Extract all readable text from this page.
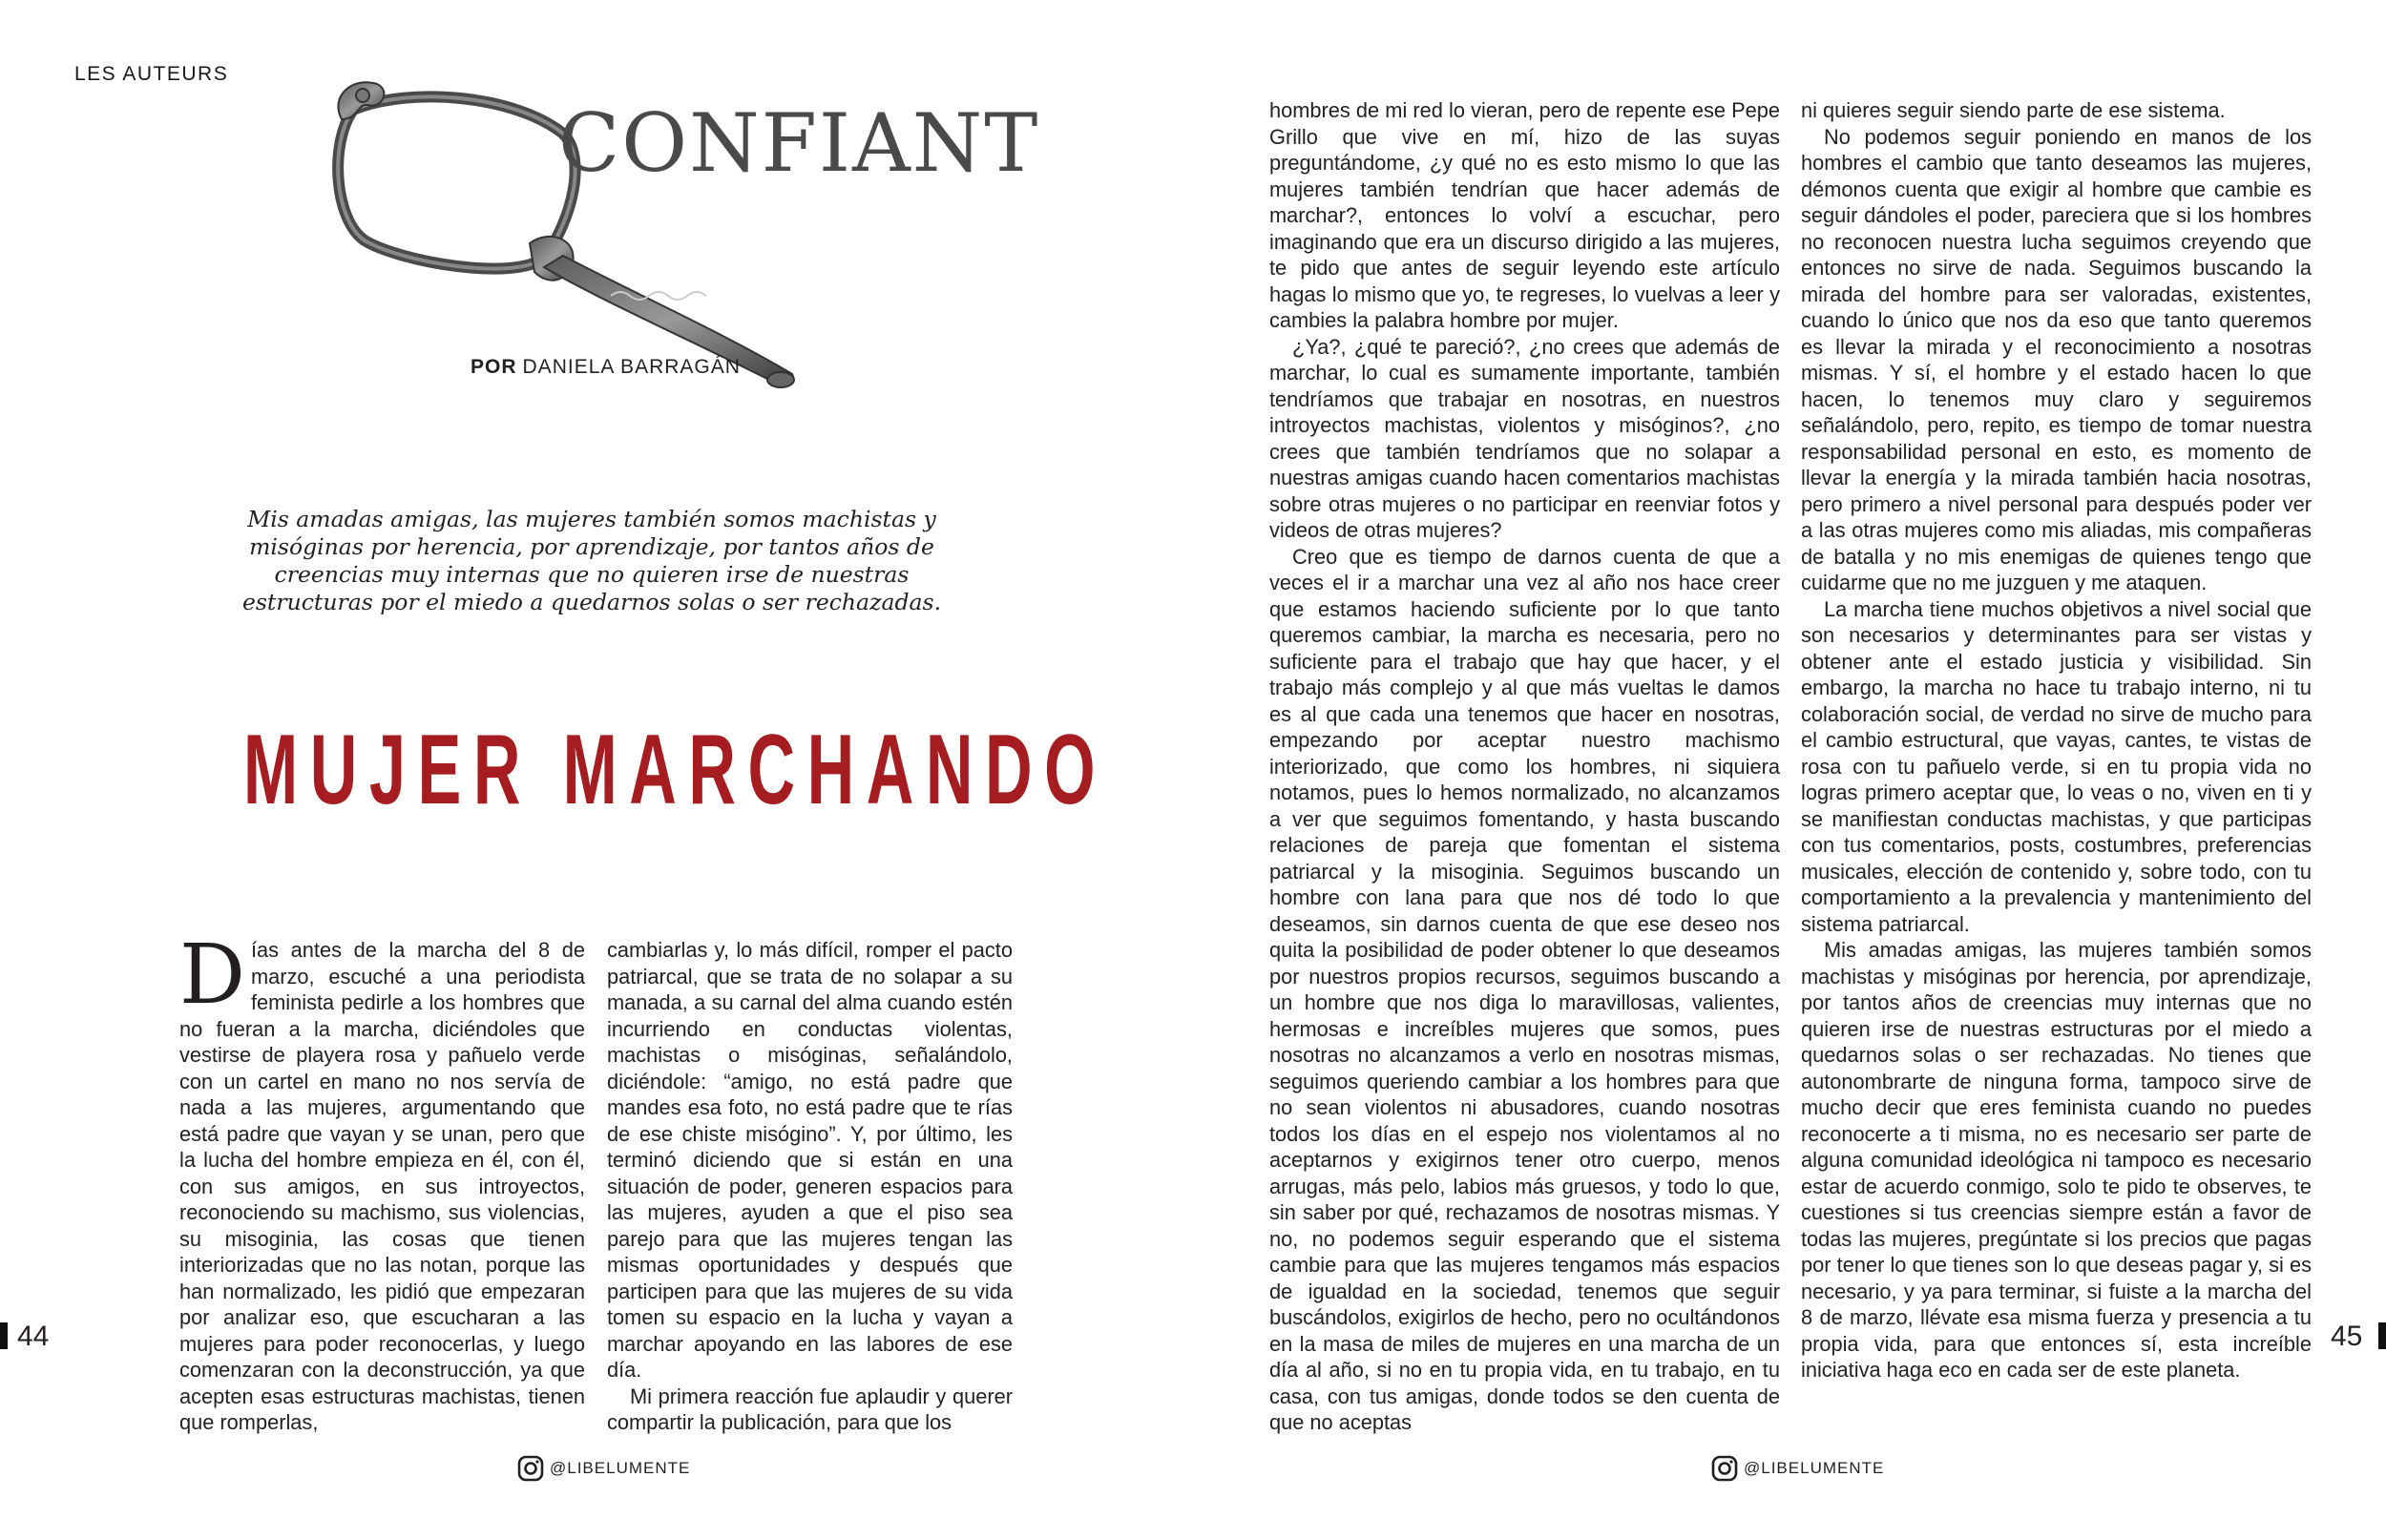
LES AUTEURS
CONFIANT
POR DANIELA BARRAGÁN
Mis amadas amigas, las mujeres también somos machistas y misóginas por herencia, por aprendizaje, por tantos años de creencias muy internas que no quieren irse de nuestras estructuras por el miedo a quedarnos solas o ser rechazadas.
MUJER MARCHANDO

Días antes de la marcha del 8 de marzo, escuché a una periodista feminista pedirle a los hombres que no fueran a la marcha, diciéndoles que vestirse de playera rosa y pañuelo verde con un cartel en mano no nos servía de nada a las mujeres, argumentando que está padre que vayan y se unan, pero que la lucha del hombre empieza en él, con él, con sus amigos, en sus introyectos, reconociendo su machismo, sus violencias, su misoginia, las cosas que tienen interiorizadas que no las notan, porque las han normalizado, les pidió que empezaran por analizar eso, que escucharan a las mujeres para poder reconocerlas, y luego comenzaran con la deconstrucción, ya que acepten esas estructuras machistas, tienen que romperlas,

cambiarlas y, lo más difícil, romper el pacto patriarcal, que se trata de no solapar a su manada, a su carnal del alma cuando estén incurriendo en conductas violentas, machistas o misóginas, señalándolo, diciéndole: “amigo, no está padre que mandes esa foto, no está padre que te rías de ese chiste misógino”. Y, por último, les terminó diciendo que si están en una situación de poder, generen espacios para las mujeres, ayuden a que el piso sea parejo para que las mujeres tengan las mismas oportunidades y después que participen para que las mujeres de su vida tomen su espacio en la lucha y vayan a marchar apoyando en las labores de ese día.

Mi primera reacción fue aplaudir y querer compartir la publicación, para que los

44
@LIBELUMENTE

hombres de mi red lo vieran, pero de repente ese Pepe Grillo que vive en mí, hizo de las suyas preguntándome, ¿y qué no es esto mismo lo que las mujeres también tendrían que hacer además de marchar?, entonces lo volví a escuchar, pero imaginando que era un discurso dirigido a las mujeres, te pido que antes de seguir leyendo este artículo hagas lo mismo que yo, te regreses, lo vuelvas a leer y cambies la palabra hombre por mujer.

¿Ya?, ¿qué te pareció?, ¿no crees que además de marchar, lo cual es sumamente importante, también tendríamos que trabajar en nosotras, en nuestros introyectos machistas, violentos y misóginos?, ¿no crees que también tendríamos que no solapar a nuestras amigas cuando hacen comentarios machistas sobre otras mujeres o no participar en reenviar fotos y videos de otras mujeres?

Creo que es tiempo de darnos cuenta de que a veces el ir a marchar una vez al año nos hace creer que estamos haciendo suficiente por lo que tanto queremos cambiar, la marcha es necesaria, pero no suficiente para el trabajo que hay que hacer, y el trabajo más complejo y al que más vueltas le damos es al que cada una tenemos que hacer en nosotras, empezando por aceptar nuestro machismo interiorizado, que como los hombres, ni siquiera notamos, pues lo hemos normalizado, no alcanzamos a ver que seguimos fomentando, y hasta buscando relaciones de pareja que fomentan el sistema patriarcal y la misoginia. Seguimos buscando un hombre con lana para que nos dé todo lo que deseamos, sin darnos cuenta de que ese deseo nos quita la posibilidad de poder obtener lo que deseamos por nuestros propios recursos, seguimos buscando a un hombre que nos diga lo maravillosas, valientes, hermosas e increíbles mujeres que somos, pues nosotras no alcanzamos a verlo en nosotras mismas, seguimos queriendo cambiar a los hombres para que no sean violentos ni abusadores, cuando nosotras todos los días en el espejo nos violentamos al no aceptarnos y exigirnos tener otro cuerpo, menos arrugas, más pelo, labios más gruesos, y todo lo que, sin saber por qué, rechazamos de nosotras mismas. Y no, no podemos seguir esperando que el sistema cambie para que las mujeres tengamos más espacios de igualdad en la sociedad, tenemos que seguir buscándolos, exigirlos de hecho, pero no ocultándonos en la masa de miles de mujeres en una marcha de un día al año, si no en tu propia vida, en tu trabajo, en tu casa, con tus amigas, donde todos se den cuenta de que no aceptas

ni quieres seguir siendo parte de ese sistema.

No podemos seguir poniendo en manos de los hombres el cambio que tanto deseamos las mujeres, démonos cuenta que exigir al hombre que cambie es seguir dándoles el poder, pareciera que si los hombres no reconocen nuestra lucha seguimos creyendo que entonces no sirve de nada. Seguimos buscando la mirada del hombre para ser valoradas, existentes, cuando lo único que nos da eso que tanto queremos es llevar la mirada y el reconocimiento a nosotras mismas. Y sí, el hombre y el estado hacen lo que hacen, lo tenemos muy claro y seguiremos señalándolo, pero, repito, es tiempo de tomar nuestra responsabilidad personal en esto, es momento de llevar la energía y la mirada también hacia nosotras, pero primero a nivel personal para después poder ver a las otras mujeres como mis aliadas, mis compañeras de batalla y no mis enemigas de quienes tengo que cuidarme que no me juzguen y me ataquen.

La marcha tiene muchos objetivos a nivel social que son necesarios y determinantes para ser vistas y obtener ante el estado justicia y visibilidad. Sin embargo, la marcha no hace tu trabajo interno, ni tu colaboración social, de verdad no sirve de mucho para el cambio estructural, que vayas, cantes, te vistas de rosa con tu pañuelo verde, si en tu propia vida no logras primero aceptar que, lo veas o no, viven en ti y se manifiestan conductas machistas, y que participas con tus comentarios, posts, costumbres, preferencias musicales, elección de contenido y, sobre todo, con tu comportamiento a la prevalencia y mantenimiento del sistema patriarcal.

Mis amadas amigas, las mujeres también somos machistas y misóginas por herencia, por aprendizaje, por tantos años de creencias muy internas que no quieren irse de nuestras estructuras por el miedo a quedarnos solas o ser rechazadas. No tienes que autonombrarte de ninguna forma, tampoco sirve de mucho decir que eres feminista cuando no puedes reconocerte a ti misma, no es necesario ser parte de alguna comunidad ideológica ni tampoco es necesario estar de acuerdo conmigo, solo te pido te observes, te cuestiones si tus creencias siempre están a favor de todas las mujeres, pregúntate si los precios que pagas por tener lo que tienes son lo que deseas pagar y, si es necesario, y ya para terminar, si fuiste a la marcha del 8 de marzo, llévate esa misma fuerza y presencia a tu propia vida, para que entonces sí, esta increíble iniciativa haga eco en cada ser de este planeta.

45
@LIBELUMENTE
